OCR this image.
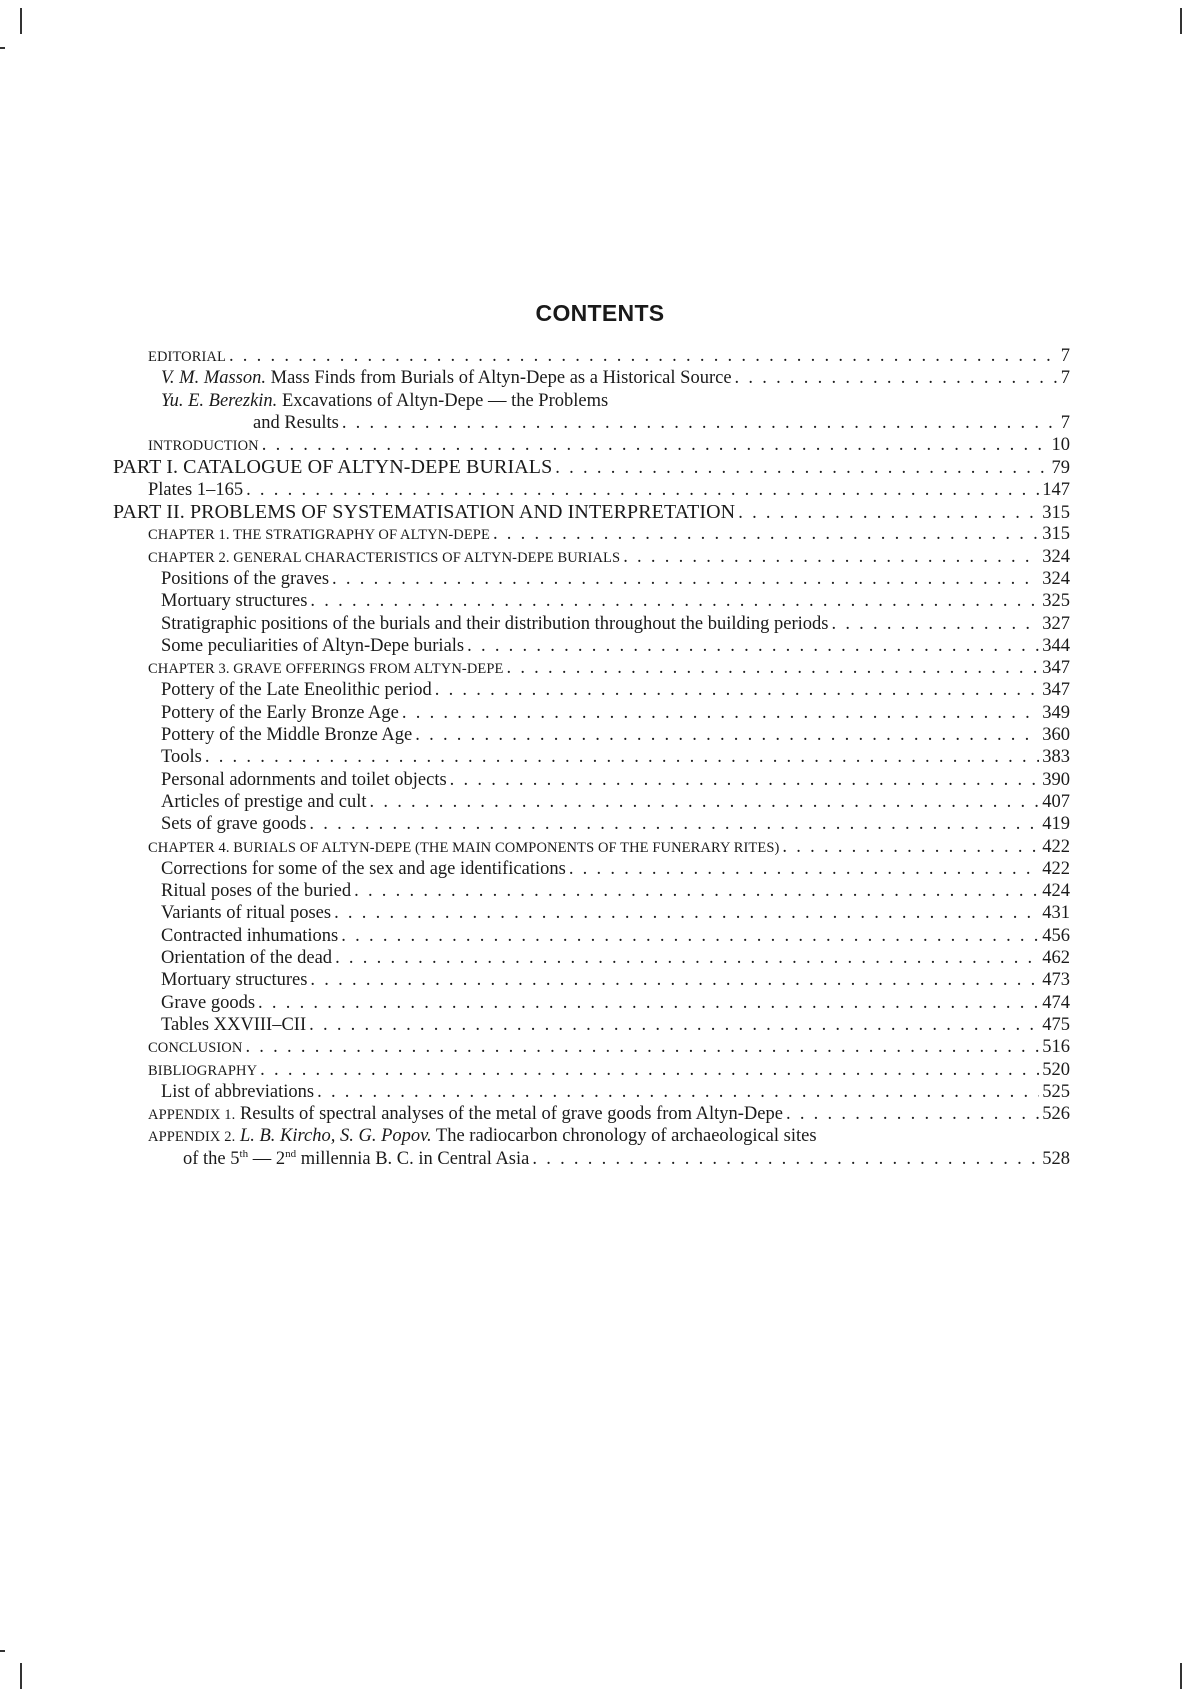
CONTENTS
EDITORIAL . . .	7
V. M. Masson. Mass Finds from Burials of Altyn-Depe as a Historical Source . . .	7
Yu. E. Berezkin. Excavations of Altyn-Depe — the Problems
and Results . . .	7
INTRODUCTION . . .	10
PART I. CATALOGUE OF ALTYN-DEPE BURIALS . . .	79
Plates 1–165 . . .	147
PART II. PROBLEMS OF SYSTEMATISATION AND INTERPRETATION . . .	315
CHAPTER 1. THE STRATIGRAPHY OF ALTYN-DEPE . . .	315
CHAPTER 2. GENERAL CHARACTERISTICS OF ALTYN-DEPE BURIALS . . .	324
Positions of the graves . . .	324
Mortuary structures . . .	325
Stratigraphic positions of the burials and their distribution throughout the building periods . . .	327
Some peculiarities of Altyn-Depe burials . . .	344
CHAPTER 3. GRAVE OFFERINGS FROM ALTYN-DEPE . . .	347
Pottery of the Late Eneolithic period . . .	347
Pottery of the Early Bronze Age . . .	349
Pottery of the Middle Bronze Age . . .	360
Tools . . .	383
Personal adornments and toilet objects . . .	390
Articles of prestige and cult . . .	407
Sets of grave goods . . .	419
CHAPTER 4. BURIALS OF ALTYN-DEPE (THE MAIN COMPONENTS OF THE FUNERARY RITES) . . .	422
Corrections for some of the sex and age identifications . . .	422
Ritual poses of the buried . . .	424
Variants of ritual poses . . .	431
Contracted inhumations . . .	456
Orientation of the dead . . .	462
Mortuary structures . . .	473
Grave goods . . .	474
Tables XXVIII–CII . . .	475
CONCLUSION . . .	516
BIBLIOGRAPHY . . .	520
List of abbreviations . . .	525
APPENDIX 1. Results of spectral analyses of the metal of grave goods from Altyn-Depe . . .	526
APPENDIX 2. L. B. Kircho, S. G. Popov. The radiocarbon chronology of archaeological sites
of the 5th — 2nd millennia B. C. in Central Asia . . .	528
